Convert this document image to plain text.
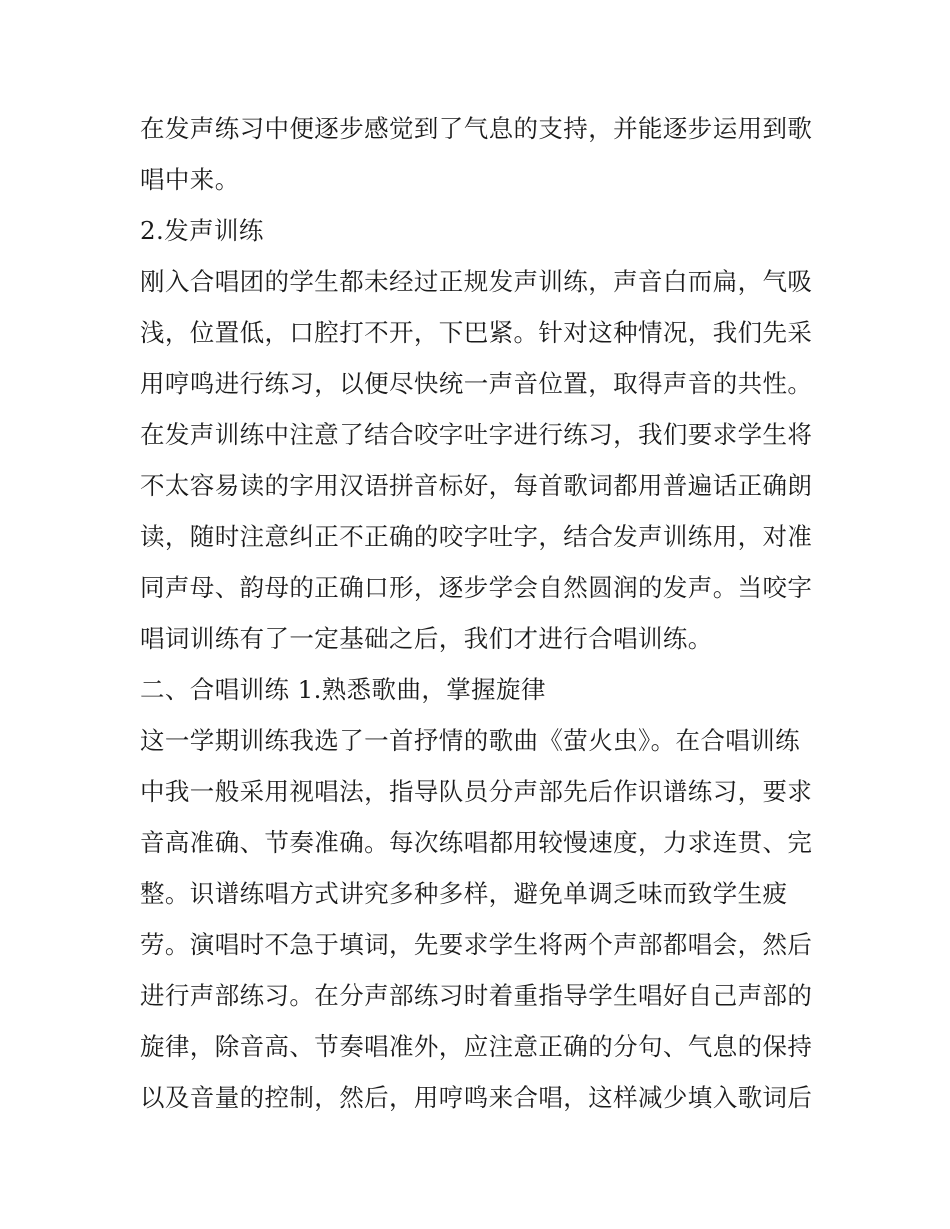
在发声练习中便逐步感觉到了气息的支持，并能逐步运用到歌

唱中来。

2.发声训练

刚入合唱团的学生都未经过正规发声训练，声音白而扁，气吸

浅，位置低，口腔打不开，下巴紧。针对这种情况，我们先采

用哼鸣进行练习，以便尽快统一声音位置，取得声音的共性。

在发声训练中注意了结合咬字吐字进行练习，我们要求学生将

不太容易读的字用汉语拼音标好，每首歌词都用普遍话正确朗

读，随时注意纠正不正确的咬字吐字，结合发声训练用，对准

同声母、韵母的正确口形，逐步学会自然圆润的发声。当咬字

唱词训练有了一定基础之后，我们才进行合唱训练。

二、合唱训练 1.熟悉歌曲，掌握旋律

这一学期训练我选了一首抒情的歌曲《萤火虫》。在合唱训练

中我一般采用视唱法，指导队员分声部先后作识谱练习，要求

音高准确、节奏准确。每次练唱都用较慢速度，力求连贯、完

整。识谱练唱方式讲究多种多样，避免单调乏味而致学生疲

劳。演唱时不急于填词，先要求学生将两个声部都唱会，然后

进行声部练习。在分声部练习时着重指导学生唱好自己声部的

旋律，除音高、节奏唱准外，应注意正确的分句、气息的保持

以及音量的控制，然后，用哼鸣来合唱，这样减少填入歌词后
